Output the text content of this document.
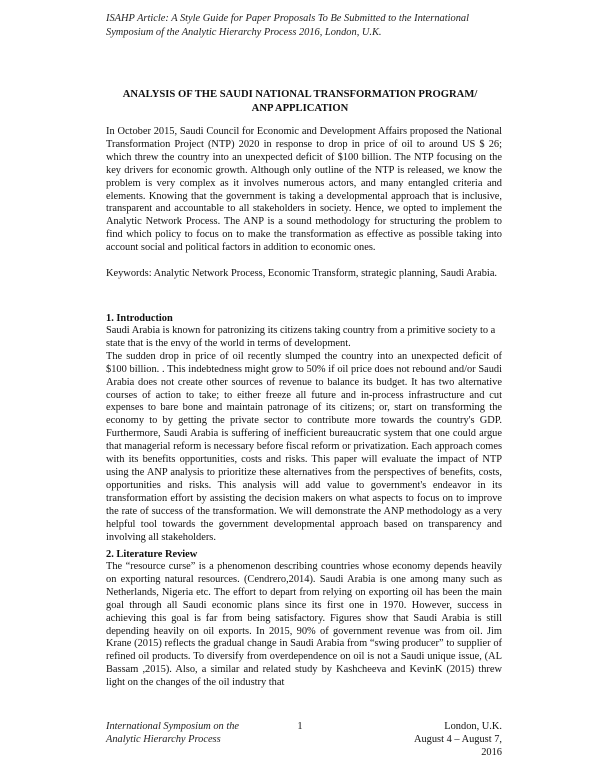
ISAHP Article: A Style Guide for Paper Proposals To Be Submitted to the International
Symposium of the Analytic Hierarchy Process 2016, London, U.K.
ANALYSIS OF THE SAUDI NATIONAL TRANSFORMATION PROGRAM/
ANP APPLICATION

In October 2015, Saudi Council for Economic and Development Affairs proposed the National Transformation Project (NTP) 2020 in response to drop in price of oil to around US $ 26; which threw the country into an unexpected deficit of $100 billion. The NTP focusing on the key drivers for economic growth. Although only outline of the NTP is released, we know the problem is very complex as it involves numerous actors, and many entangled criteria and elements. Knowing that the government is taking a developmental approach that is inclusive, transparent and accountable to all stakeholders in society. Hence, we opted to implement the Analytic Network Process. The ANP is a sound methodology for structuring the problem to find which policy to focus on to make the transformation as effective as possible taking into account social and political factors in addition to economic ones.

Keywords: Analytic Network Process, Economic Transform, strategic planning, Saudi Arabia.

1. Introduction

Saudi Arabia is known for patronizing its citizens taking country from a primitive society to a state that is the envy of the world in terms of development.

The sudden drop in price of oil recently slumped the country into an unexpected deficit of $100 billion. . This indebtedness might grow to 50% if oil price does not rebound and/or Saudi Arabia does not create other sources of revenue to balance its budget. It has two alternative courses of action to take; to either freeze all future and in-process infrastructure and cut expenses to bare bone and maintain patronage of its citizens; or, start on transforming the economy to by getting the private sector to contribute more towards the country's GDP. Furthermore, Saudi Arabia is suffering of inefficient bureaucratic system that one could argue that managerial reform is necessary before fiscal reform or privatization. Each approach comes with its benefits opportunities, costs and risks. This paper will evaluate the impact of NTP using the ANP analysis to prioritize these alternatives from the perspectives of benefits, costs, opportunities and risks. This analysis will add value to government's endeavor in its transformation effort by assisting the decision makers on what aspects to focus on to improve the rate of success of the transformation. We will demonstrate the ANP methodology as a very helpful tool towards the government developmental approach based on transparency and involving all stakeholders.

2. Literature Review

The “resource curse” is a phenomenon describing countries whose economy depends heavily on exporting natural resources. (Cendrero,2014). Saudi Arabia is one among many such as Netherlands, Nigeria etc. The effort to depart from relying on exporting oil has been the main goal through all Saudi economic plans since its first one in 1970. However, success in achieving this goal is far from being satisfactory. Figures show that Saudi Arabia is still depending heavily on oil exports. In 2015, 90% of government revenue was from oil. Jim Krane (2015) reflects the gradual change in Saudi Arabia from “swing producer” to supplier of refined oil products. To diversify from overdependence on oil is not a Saudi unique issue, (AL Bassam ,2015). Also, a similar and related study by Kashcheeva and KevinK (2015) threw light on the changes of the oil industry that

International Symposium on the
Analytic Hierarchy Process
1	London, U.K.
August 4 – August 7, 2016
